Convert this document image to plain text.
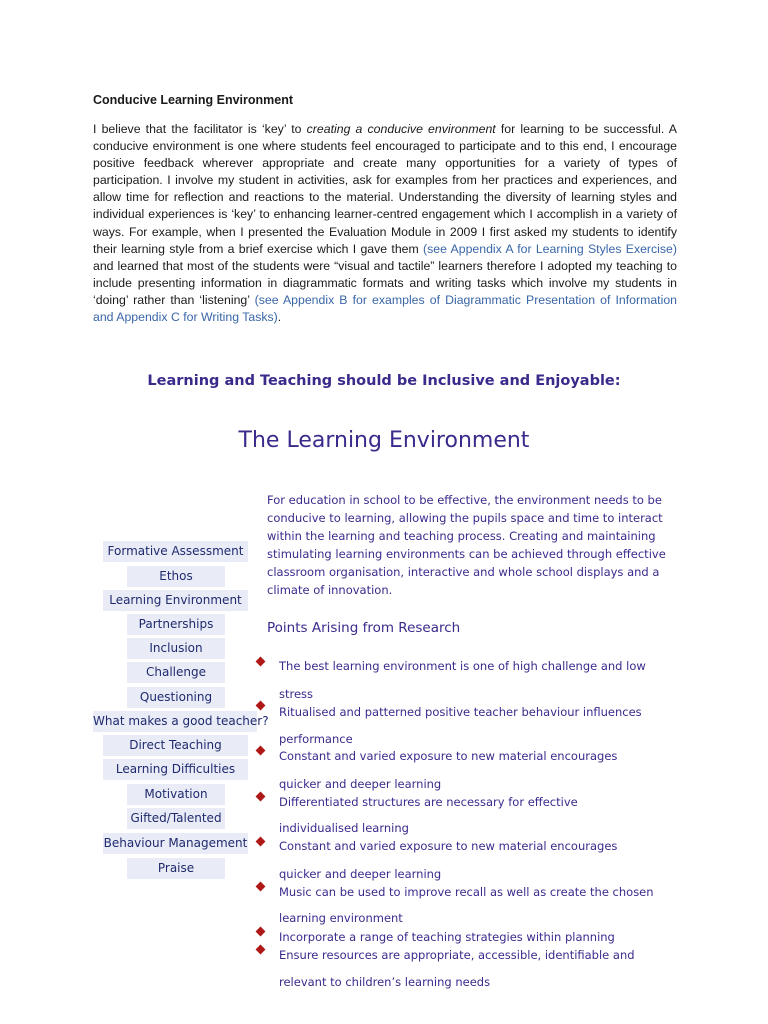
Conducive Learning Environment

I believe that the facilitator is ‘key’ to creating a conducive environment for learning to be successful. A conducive environment is one where students feel encouraged to participate and to this end, I encourage positive feedback wherever appropriate and create many opportunities for a variety of types of participation. I involve my student in activities, ask for examples from her practices and experiences, and allow time for reflection and reactions to the material. Understanding the diversity of learning styles and individual experiences is ‘key’ to enhancing learner-centred engagement which I accomplish in a variety of ways. For example, when I presented the Evaluation Module in 2009 I first asked my students to identify their learning style from a brief exercise which I gave them (see Appendix A for Learning Styles Exercise) and learned that most of the students were “visual and tactile” learners therefore I adopted my teaching to include presenting information in diagrammatic formats and writing tasks which involve my students in ‘doing’ rather than ‘listening’ (see Appendix B for examples of Diagrammatic Presentation of Information and Appendix C for Writing Tasks).

Learning and Teaching should be Inclusive and Enjoyable:
The Learning Environment

For education in school to be effective, the environment needs to be conducive to learning, allowing the pupils space and time to interact within the learning and teaching process. Creating and maintaining stimulating learning environments can be achieved through effective classroom organisation, interactive and whole school displays and a climate of innovation.

Formative Assessment
Ethos
Learning Environment
Partnerships
Inclusion
Challenge
Questioning
What makes a good teacher?
Direct Teaching
Learning Difficulties
Motivation
Gifted/Talented
Behaviour Management
Praise
Points Arising from Research
The best learning environment is one of high challenge and low
stress
Ritualised and patterned positive teacher behaviour influences
performance
Constant and varied exposure to new material encourages
quicker and deeper learning
Differentiated structures are necessary for effective
individualised learning
Constant and varied exposure to new material encourages
quicker and deeper learning
Music can be used to improve recall as well as create the chosen
learning environment
Incorporate a range of teaching strategies within planning
Ensure resources are appropriate, accessible, identifiable and
relevant to children’s learning needs
